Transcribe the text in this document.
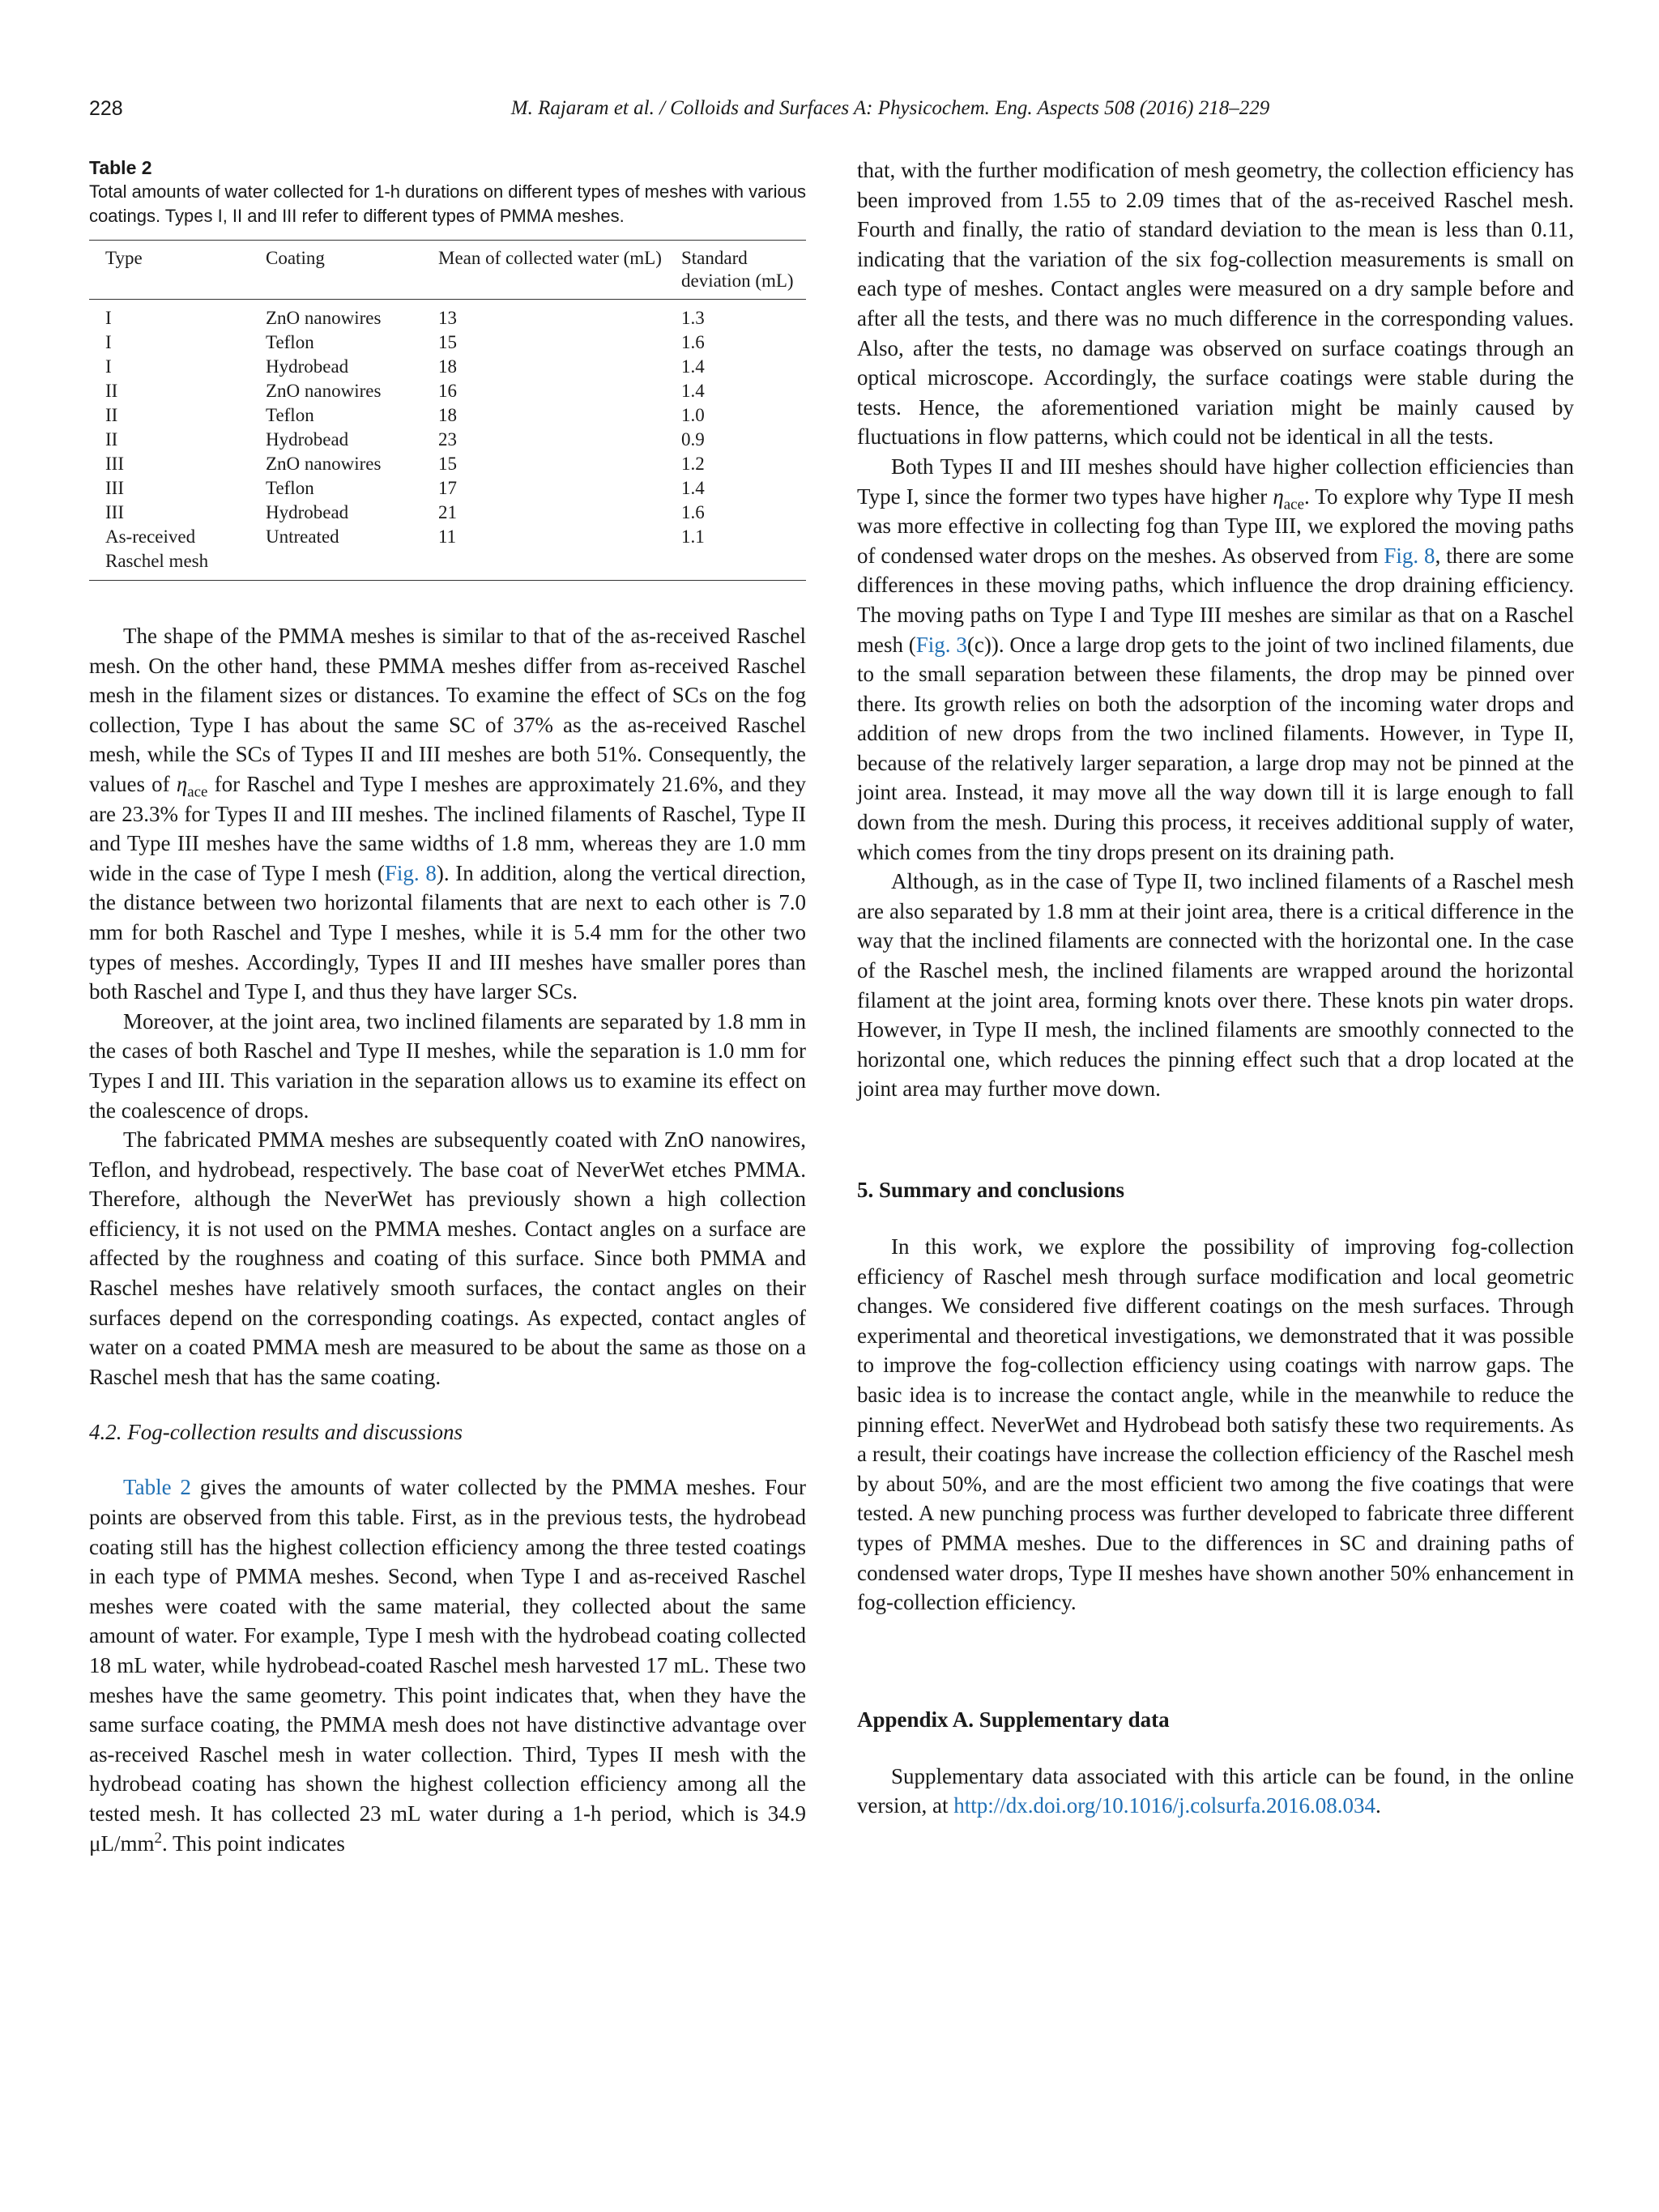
228	M. Rajaram et al. / Colloids and Surfaces A: Physicochem. Eng. Aspects 508 (2016) 218–229
Table 2

Total amounts of water collected for 1-h durations on different types of meshes with various coatings. Types I, II and III refer to different types of PMMA meshes.

Type	Coating	Mean of collected water (mL)	Standard deviation (mL)
I	ZnO nanowires	13	1.3
I	Teflon	15	1.6
I	Hydrobead	18	1.4
II	ZnO nanowires	16	1.4
II	Teflon	18	1.0
II	Hydrobead	23	0.9
III	ZnO nanowires	15	1.2
III	Teflon	17	1.4
III	Hydrobead	21	1.6
As-received Raschel mesh	Untreated	11	1.1

The shape of the PMMA meshes is similar to that of the as-received Raschel mesh. On the other hand, these PMMA meshes differ from as-received Raschel mesh in the filament sizes or distances. To examine the effect of SCs on the fog collection, Type I has about the same SC of 37% as the as-received Raschel mesh, while the SCs of Types II and III meshes are both 51%. Consequently, the values of $\eta_{ace}$ for Raschel and Type I meshes are approximately 21.6%, and they are 23.3% for Types II and III meshes. The inclined filaments of Raschel, Type II and Type III meshes have the same widths of 1.8 mm, whereas they are 1.0 mm wide in the case of Type I mesh (Fig. 8). In addition, along the vertical direction, the distance between two horizontal filaments that are next to each other is 7.0 mm for both Raschel and Type I meshes, while it is 5.4 mm for the other two types of meshes. Accordingly, Types II and III meshes have smaller pores than both Raschel and Type I, and thus they have larger SCs.

Moreover, at the joint area, two inclined filaments are separated by 1.8 mm in the cases of both Raschel and Type II meshes, while the separation is 1.0 mm for Types I and III. This variation in the separation allows us to examine its effect on the coalescence of drops.

The fabricated PMMA meshes are subsequently coated with ZnO nanowires, Teflon, and hydrobead, respectively. The base coat of NeverWet etches PMMA. Therefore, although the NeverWet has previously shown a high collection efficiency, it is not used on the PMMA meshes. Contact angles on a surface are affected by the roughness and coating of this surface. Since both PMMA and Raschel meshes have relatively smooth surfaces, the contact angles on their surfaces depend on the corresponding coatings. As expected, contact angles of water on a coated PMMA mesh are measured to be about the same as those on a Raschel mesh that has the same coating.

4.2. Fog-collection results and discussions

Table 2 gives the amounts of water collected by the PMMA meshes. Four points are observed from this table. First, as in the previous tests, the hydrobead coating still has the highest collection efficiency among the three tested coatings in each type of PMMA meshes. Second, when Type I and as-received Raschel meshes were coated with the same material, they collected about the same amount of water. For example, Type I mesh with the hydrobead coating collected 18 mL water, while hydrobead-coated Raschel mesh harvested 17 mL. These two meshes have the same geometry. This point indicates that, when they have the same surface coating, the PMMA mesh does not have distinctive advantage over as-received Raschel mesh in water collection. Third, Types II mesh with the hydrobead coating has shown the highest collection efficiency among all the tested mesh. It has collected 23 mL water during a 1-h period, which is 34.9 $\mu L/mm^2$. This point indicates

that, with the further modification of mesh geometry, the collection efficiency has been improved from 1.55 to 2.09 times that of the as-received Raschel mesh. Fourth and finally, the ratio of standard deviation to the mean is less than 0.11, indicating that the variation of the six fog-collection measurements is small on each type of meshes. Contact angles were measured on a dry sample before and after all the tests, and there was no much difference in the corresponding values. Also, after the tests, no damage was observed on surface coatings through an optical microscope. Accordingly, the surface coatings were stable during the tests. Hence, the aforementioned variation might be mainly caused by fluctuations in flow patterns, which could not be identical in all the tests.

Both Types II and III meshes should have higher collection efficiencies than Type I, since the former two types have higher $\eta_{ace}$. To explore why Type II mesh was more effective in collecting fog than Type III, we explored the moving paths of condensed water drops on the meshes. As observed from Fig. 8, there are some differences in these moving paths, which influence the drop draining efficiency. The moving paths on Type I and Type III meshes are similar as that on a Raschel mesh (Fig. 3(c)). Once a large drop gets to the joint of two inclined filaments, due to the small separation between these filaments, the drop may be pinned over there. Its growth relies on both the adsorption of the incoming water drops and addition of new drops from the two inclined filaments. However, in Type II, because of the relatively larger separation, a large drop may not be pinned at the joint area. Instead, it may move all the way down till it is large enough to fall down from the mesh. During this process, it receives additional supply of water, which comes from the tiny drops present on its draining path.

Although, as in the case of Type II, two inclined filaments of a Raschel mesh are also separated by 1.8 mm at their joint area, there is a critical difference in the way that the inclined filaments are connected with the horizontal one. In the case of the Raschel mesh, the inclined filaments are wrapped around the horizontal filament at the joint area, forming knots over there. These knots pin water drops. However, in Type II mesh, the inclined filaments are smoothly connected to the horizontal one, which reduces the pinning effect such that a drop located at the joint area may further move down.

5. Summary and conclusions

In this work, we explore the possibility of improving fog-collection efficiency of Raschel mesh through surface modification and local geometric changes. We considered five different coatings on the mesh surfaces. Through experimental and theoretical investigations, we demonstrated that it was possible to improve the fog-collection efficiency using coatings with narrow gaps. The basic idea is to increase the contact angle, while in the meanwhile to reduce the pinning effect. NeverWet and Hydrobead both satisfy these two requirements. As a result, their coatings have increase the collection efficiency of the Raschel mesh by about 50%, and are the most efficient two among the five coatings that were tested. A new punching process was further developed to fabricate three different types of PMMA meshes. Due to the differences in SC and draining paths of condensed water drops, Type II meshes have shown another 50% enhancement in fog-collection efficiency.

Appendix A. Supplementary data

Supplementary data associated with this article can be found, in the online version, at http://dx.doi.org/10.1016/j.colsurfa.2016.08.034.
